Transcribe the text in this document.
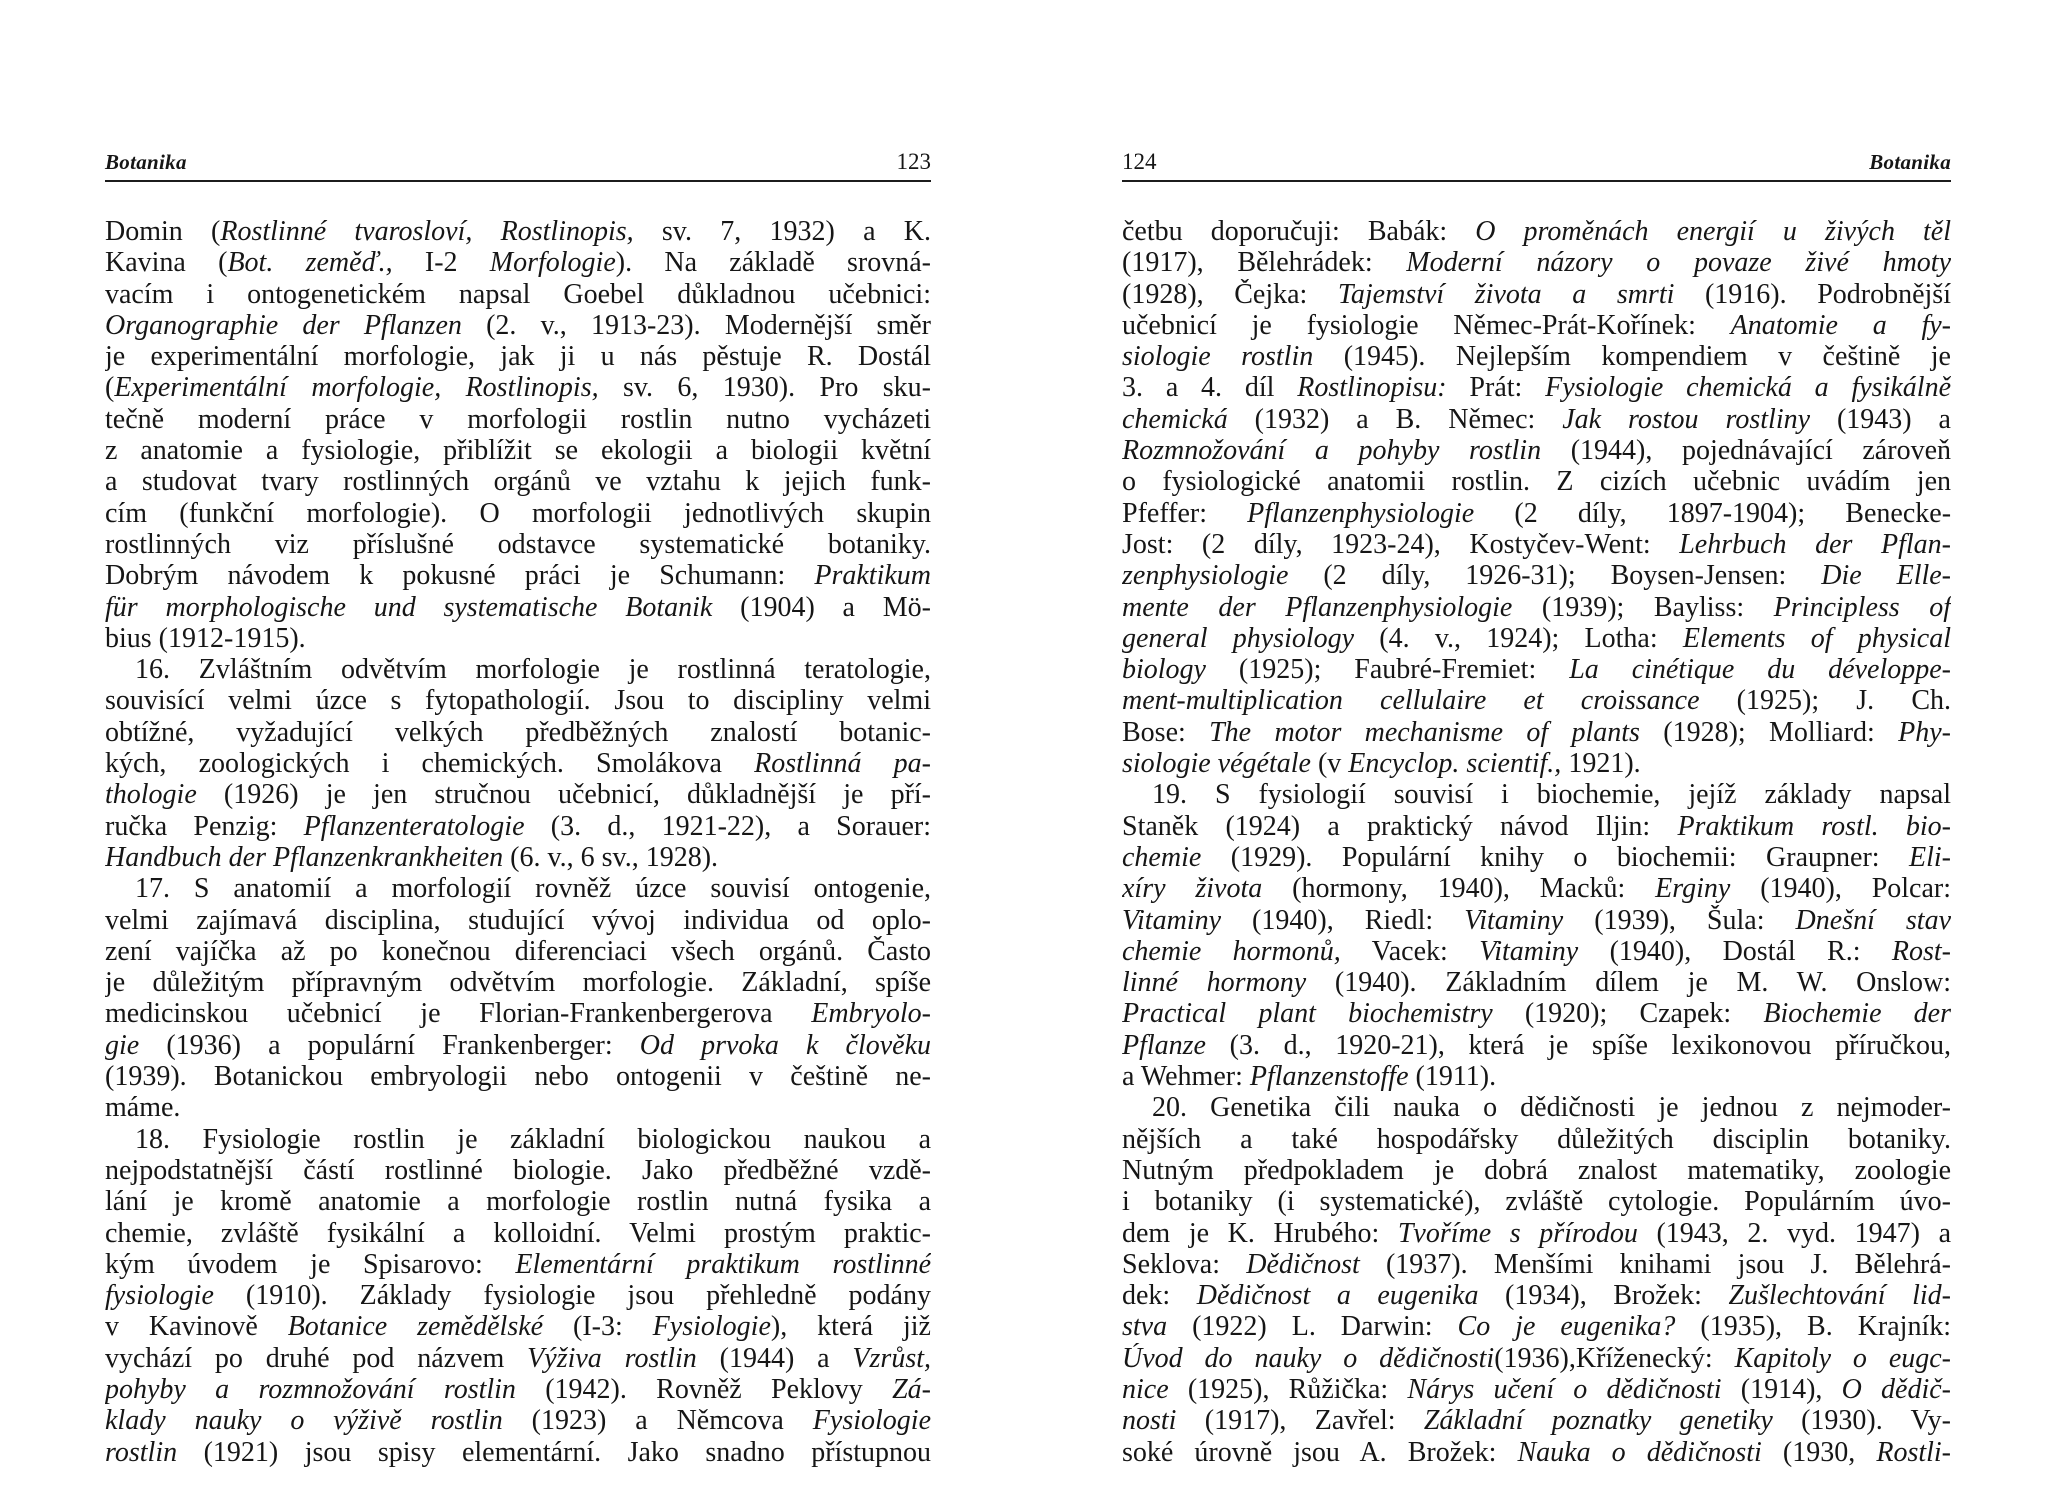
Botanika	123
Domin (Rostlinné tvarosloví, Rostlinopis, sv. 7, 1932) a K.
Kavina (Bot. zeměď., I-2 Morfologie). Na základě srovná-
vacím i ontogenetickém napsal Goebel důkladnou učebnici:
Organographie der Pflanzen (2. v., 1913-23). Modernější směr
je experimentální morfologie, jak ji u nás pěstuje R. Dostál
(Experimentální morfologie, Rostlinopis, sv. 6, 1930). Pro sku-
tečně moderní práce v morfologii rostlin nutno vycházeti
z anatomie a fysiologie, přiblížit se ekologii a biologii květní
a studovat tvary rostlinných orgánů ve vztahu k jejich funk-
cím (funkční morfologie). O morfologii jednotlivých skupin
rostlinných viz příslušné odstavce systematické botaniky.
Dobrým návodem k pokusné práci je Schumann: Praktikum
für morphologische und systematische Botanik (1904) a Mö-
bius (1912-1915).
16. Zvláštním odvětvím morfologie je rostlinná teratologie,
souvisící velmi úzce s fytopathologií. Jsou to discipliny velmi
obtížné, vyžadující velkých předběžných znalostí botanic-
kých, zoologických i chemických. Smolákova Rostlinná pa-
thologie (1926) je jen stručnou učebnicí, důkladnější je pří-
ručka Penzig: Pflanzenteratologie (3. d., 1921-22), a Sorauer:
Handbuch der Pflanzenkrankheiten (6. v., 6 sv., 1928).
17. S anatomií a morfologií rovněž úzce souvisí ontogenie,
velmi zajímavá disciplina, studující vývoj individua od oplo-
zení vajíčka až po konečnou diferenciaci všech orgánů. Často
je důležitým přípravným odvětvím morfologie. Základní, spíše
medicinskou učebnicí je Florian-Frankenbergerova Embryolo-
gie (1936) a populární Frankenberger: Od prvoka k člověku
(1939). Botanickou embryologii nebo ontogenii v češtině ne-
máme.
18. Fysiologie rostlin je základní biologickou naukou a
nejpodstatnější částí rostlinné biologie. Jako předběžné vzdě-
lání je kromě anatomie a morfologie rostlin nutná fysika a
chemie, zvláště fysikální a kolloidní. Velmi prostým praktic-
kým úvodem je Spisarovo: Elementární praktikum rostlinné
fysiologie (1910). Základy fysiologie jsou přehledně podány
v Kavinově Botanice zemědělské (I-3: Fysiologie), která již
vychází po druhé pod názvem Výživa rostlin (1944) a Vzrůst,
pohyby a rozmnožování rostlin (1942). Rovněž Peklovy Zá-
klady nauky o výživě rostlin (1923) a Němcova Fysiologie
rostlin (1921) jsou spisy elementární. Jako snadno přístupnou
124	Botanika
četbu doporučuji: Babák: O proměnách energií u živých těl
(1917), Bělehrádek: Moderní názory o povaze živé hmoty
(1928), Čejka: Tajemství života a smrti (1916). Podrobnější
učebnicí je fysiologie Němec-Prát-Kořínek: Anatomie a fy-
siologie rostlin (1945). Nejlepším kompendiem v češtině je
3. a 4. díl Rostlinopisu: Prát: Fysiologie chemická a fysikálně
chemická (1932) a B. Němec: Jak rostou rostliny (1943) a
Rozmnožování a pohyby rostlin (1944), pojednávající zároveň
o fysiologické anatomii rostlin. Z cizích učebnic uvádím jen
Pfeffer: Pflanzenphysiologie (2 díly, 1897-1904); Benecke-
Jost: (2 díly, 1923-24), Kostyčev-Went: Lehrbuch der Pflan-
zenphysiologie (2 díly, 1926-31); Boysen-Jensen: Die Elle-
mente der Pflanzenphysiologie (1939); Bayliss: Principless of
general physiology (4. v., 1924); Lotha: Elements of physical
biology (1925); Faubré-Fremiet: La cinétique du développe-
ment-multiplication cellulaire et croissance (1925); J. Ch.
Bose: The motor mechanisme of plants (1928); Molliard: Phy-
siologie végétale (v Encyclop. scientif., 1921).
19. S fysiologií souvisí i biochemie, jejíž základy napsal
Staněk (1924) a praktický návod Iljin: Praktikum rostl. bio-
chemie (1929). Populární knihy o biochemii: Graupner: Eli-
xíry života (hormony, 1940), Macků: Erginy (1940), Polcar:
Vitaminy (1940), Riedl: Vitaminy (1939), Šula: Dnešní stav
chemie hormonů, Vacek: Vitaminy (1940), Dostál R.: Rost-
linné hormony (1940). Základním dílem je M. W. Onslow:
Practical plant biochemistry (1920); Czapek: Biochemie der
Pflanze (3. d., 1920-21), která je spíše lexikonovou příručkou,
a Wehmer: Pflanzenstoffe (1911).
20. Genetika čili nauka o dědičnosti je jednou z nejmoder-
nějších a také hospodářsky důležitých disciplin botaniky.
Nutným předpokladem je dobrá znalost matematiky, zoologie
i botaniky (i systematické), zvláště cytologie. Populárním úvo-
dem je K. Hrubého: Tvoříme s přírodou (1943, 2. vyd. 1947) a
Seklova: Dědičnost (1937). Menšími knihami jsou J. Bělehrá-
dek: Dědičnost a eugenika (1934), Brožek: Zušlechtování lid-
stva (1922) L. Darwin: Co je eugenika? (1935), B. Krajník:
Úvod do nauky o dědičnosti(1936),Kříženecký: Kapitoly o eugc-
nice (1925), Růžička: Nárys učení o dědičnosti (1914), O dědič-
nosti (1917), Zavřel: Základní poznatky genetiky (1930). Vy-
soké úrovně jsou A. Brožek: Nauka o dědičnosti (1930, Rostli-
